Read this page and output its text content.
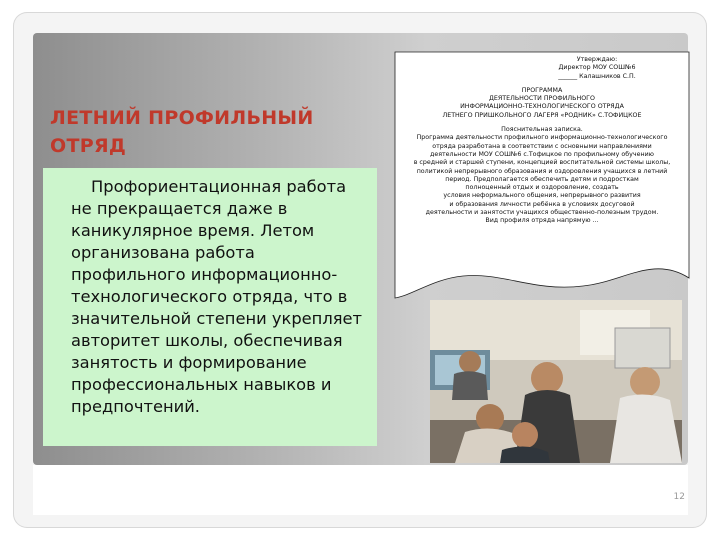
ЛЕТНИЙ ПРОФИЛЬНЫЙ ОТРЯД

Профориентационная работа не прекращается даже в каникулярное время. Летом организована работа профильного информационно-технологического отряда, что в значительной степени укрепляет авторитет школы, обеспечивая занятость и формирование профессиональных навыков и предпочтений.

Утверждаю:
Директор МОУ СОШ№6
______ Калашников С.П.
ПРОГРАММА
ДЕЯТЕЛЬНОСТИ ПРОФИЛЬНОГО
ИНФОРМАЦИОННО-ТЕХНОЛОГИЧЕСКОГО ОТРЯДА
ЛЕТНЕГО ПРИШКОЛЬНОГО ЛАГЕРЯ «РОДНИК» С.ТОФИЦКОЕ
Пояснительная записка.
Программа деятельности профильного информационно-технологического
отряда разработана в соответствии с основными направлениями
деятельности МОУ СОШ№6 с.Тофицкое по профильному обучению
в средней и старшей ступени, концепцией воспитательной системы школы,
политикой непрерывного образования и оздоровления учащихся в летний
период. Предполагается обеспечить детям и подросткам
полноценный отдых и оздоровление, создать
условия неформального общения, непрерывного развития
и образования личности ребёнка в условиях досуговой
деятельности и занятости учащихся общественно-полезным трудом.
Вид профиля отряда напрямую ...
12
